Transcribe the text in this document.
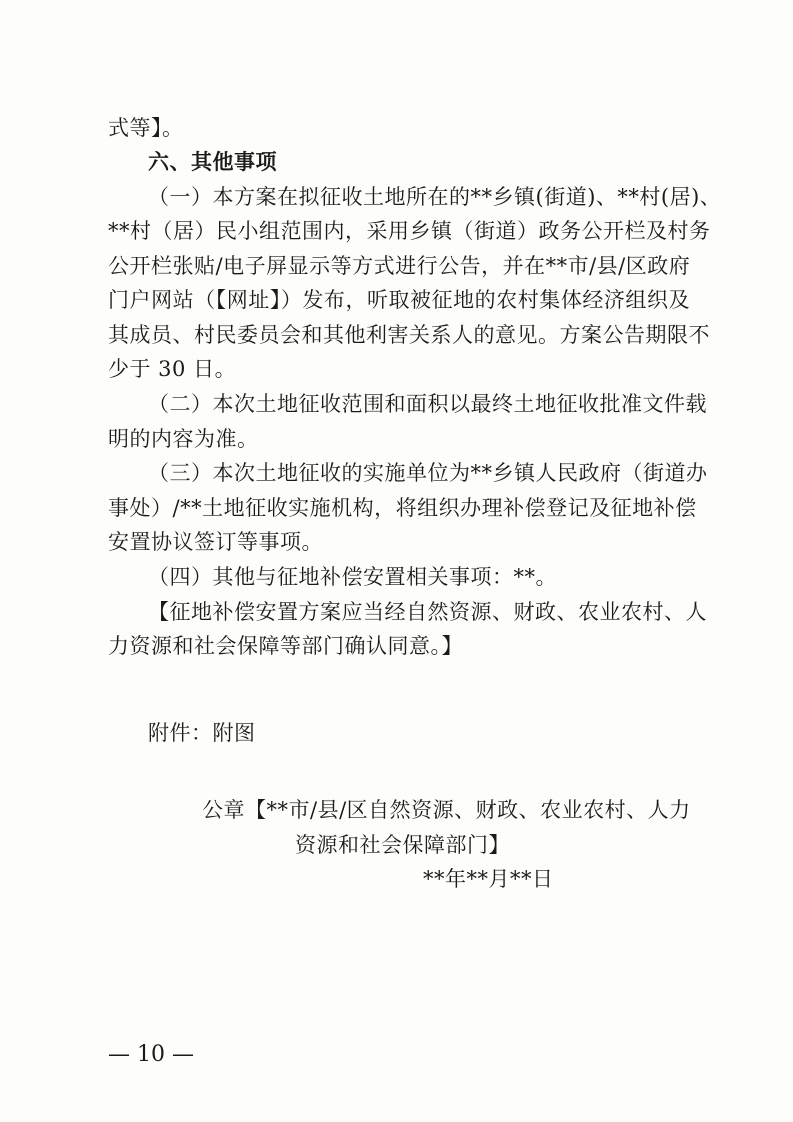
式等】。
六、其他事项
（一）本方案在拟征收土地所在的**乡镇(街道)、**村(居)、
**村（居）民小组范围内，采用乡镇（街道）政务公开栏及村务
公开栏张贴/电子屏显示等方式进行公告，并在**市/县/区政府
门户网站（【网址】）发布，听取被征地的农村集体经济组织及
其成员、村民委员会和其他利害关系人的意见。方案公告期限不
少于 30 日。
（二）本次土地征收范围和面积以最终土地征收批准文件载
明的内容为准。
（三）本次土地征收的实施单位为**乡镇人民政府（街道办
事处）/**土地征收实施机构，将组织办理补偿登记及征地补偿
安置协议签订等事项。
（四）其他与征地补偿安置相关事项：**。
【征地补偿安置方案应当经自然资源、财政、农业农村、人
力资源和社会保障等部门确认同意。】
附件：附图
公章【**市/县/区自然资源、财政、农业农村、人力
资源和社会保障部门】
**年**月**日
— 10 —
